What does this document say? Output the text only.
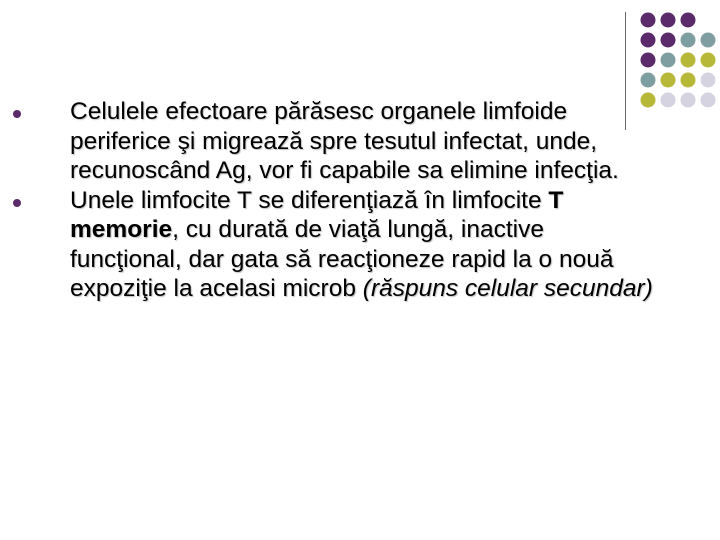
Celulele efectoare părăsesc organele limfoide periferice şi migrează spre tesutul infectat, unde, recunoscând Ag, vor fi capabile sa elimine infecţia.

Unele limfocite T se diferenţiază în limfocite T memorie, cu durată de viaţă lungă, inactive funcţional, dar gata să reacţioneze rapid la o nouă expoziţie la acelasi microb (răspuns celular secundar)
